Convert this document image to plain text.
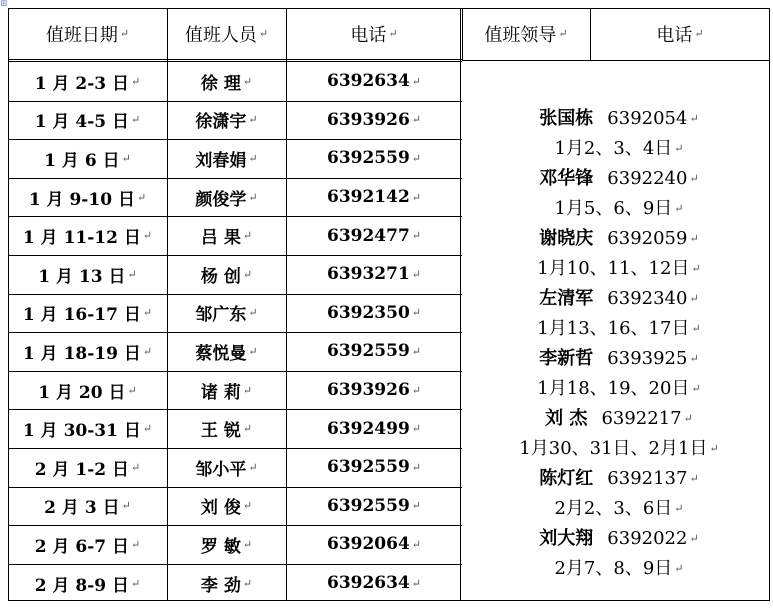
⊞
值班日期 ↵	值班人员 ↵	电话 ↵	值班领导 ↵	电话 ↵
1 月 2-3 日 ↵	徐 理 ↵	6392634 ↵
1 月 4-5 日 ↵	徐潇宇 ↵	6393926 ↵
1 月 6 日 ↵	刘春娟 ↵	6392559 ↵
1 月 9-10 日 ↵	颜俊学 ↵	6392142 ↵
1 月 11-12 日 ↵	吕 果 ↵	6392477 ↵
1 月 13 日 ↵	杨 创 ↵	6393271 ↵
1 月 16-17 日 ↵	邹广东 ↵	6392350 ↵
1 月 18-19 日 ↵	蔡悦曼 ↵	6392559 ↵
1 月 20 日 ↵	诸 莉 ↵	6393926 ↵
1 月 30-31 日 ↵	王 锐 ↵	6392499 ↵
2 月 1-2 日 ↵	邹小平 ↵	6392559 ↵
2 月 3 日 ↵	刘 俊 ↵	6392559 ↵
2 月 6-7 日 ↵	罗 敏 ↵	6392064 ↵
2 月 8-9 日 ↵	李 劲 ↵	6392634 ↵
张国栋 6392054 ↵
1月2、3、4日 ↵
邓华锋 6392240 ↵
1月5、6、9日 ↵
谢晓庆 6392059 ↵
1月10、11、12日 ↵
左清军 6392340 ↵
1月13、16、17日 ↵
李新哲 6393925 ↵
1月18、19、20日 ↵
刘 杰 6392217 ↵
1月30、31日、2月1日 ↵
陈灯红 6392137 ↵
2月2、3、6日 ↵
刘大翔 6392022 ↵
2月7、8、9日 ↵
